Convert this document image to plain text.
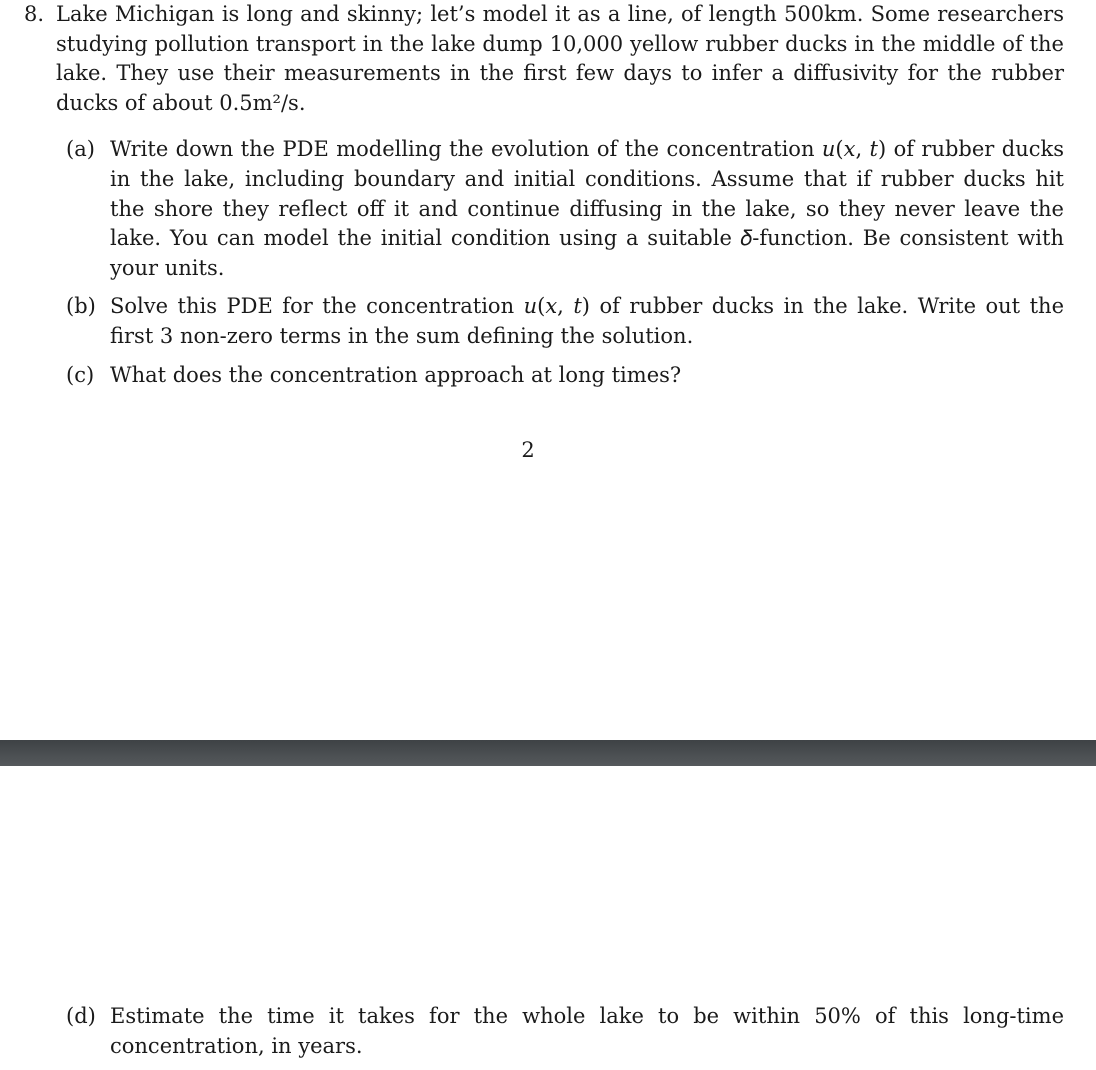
8. Lake Michigan is long and skinny; let’s model it as a line, of length 500km. Some researchers studying pollution transport in the lake dump 10,000 yellow rubber ducks in the middle of the lake. They use their measurements in the first few days to infer a diffusivity for the rubber ducks of about 0.5m²/s.

(a) Write down the PDE modelling the evolution of the concentration 𝑢(𝑥, 𝑡) of rubber ducks in the lake, including boundary and initial conditions. Assume that if rubber ducks hit the shore they reflect off it and continue diffusing in the lake, so they never leave the lake. You can model the initial condition using a suitable 𝛿-function. Be consistent with your units.

(b) Solve this PDE for the concentration 𝑢(𝑥, 𝑡) of rubber ducks in the lake. Write out the first 3 non-zero terms in the sum defining the solution.

(c) What does the concentration approach at long times?

2
(d) Estimate the time it takes for the whole lake to be within 50% of this long-time concentration, in years.
